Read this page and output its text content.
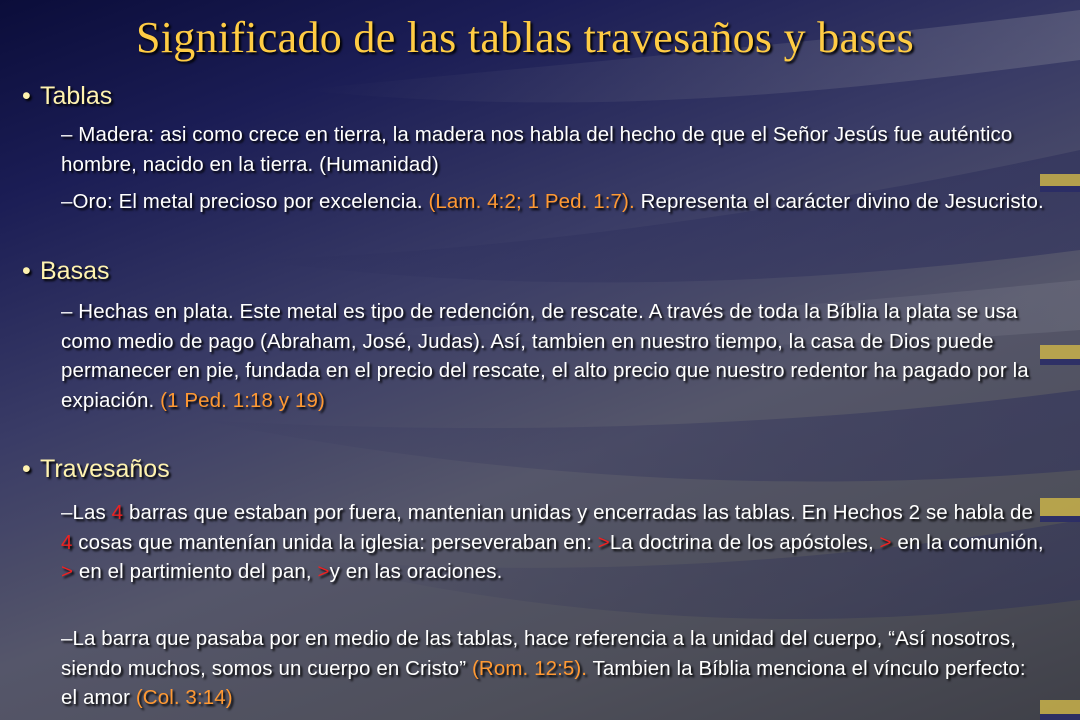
Significado de las tablas travesaños y bases
• Tablas
– Madera: asi como crece en tierra, la madera nos habla del hecho de que el Señor Jesús fue auténtico hombre, nacido en la tierra. (Humanidad)
–Oro: El metal precioso por excelencia. (Lam. 4:2; 1 Ped. 1:7). Representa el carácter divino de Jesucristo.
• Basas
– Hechas en plata. Este metal es tipo de redención, de rescate. A través de toda la Bíblia la plata se usa como medio de pago (Abraham, José, Judas). Así, tambien en nuestro tiempo, la casa de Dios puede permanecer en pie, fundada en el precio del rescate, el alto precio que nuestro redentor ha pagado por la expiación. (1 Ped. 1:18 y 19)
• Travesaños
–Las 4 barras que estaban por fuera, mantenian unidas y encerradas las tablas. En Hechos 2 se habla de 4 cosas que mantenían unida la iglesia: perseveraban en: >La doctrina de los apóstoles, > en la comunión, > en el partimiento del pan, >y en las oraciones.
–La barra que pasaba por en medio de las tablas, hace referencia a la unidad del cuerpo, “Así nosotros, siendo muchos, somos un cuerpo en Cristo” (Rom. 12:5). Tambien la Bíblia menciona el vínculo perfecto: el amor (Col. 3:14)
